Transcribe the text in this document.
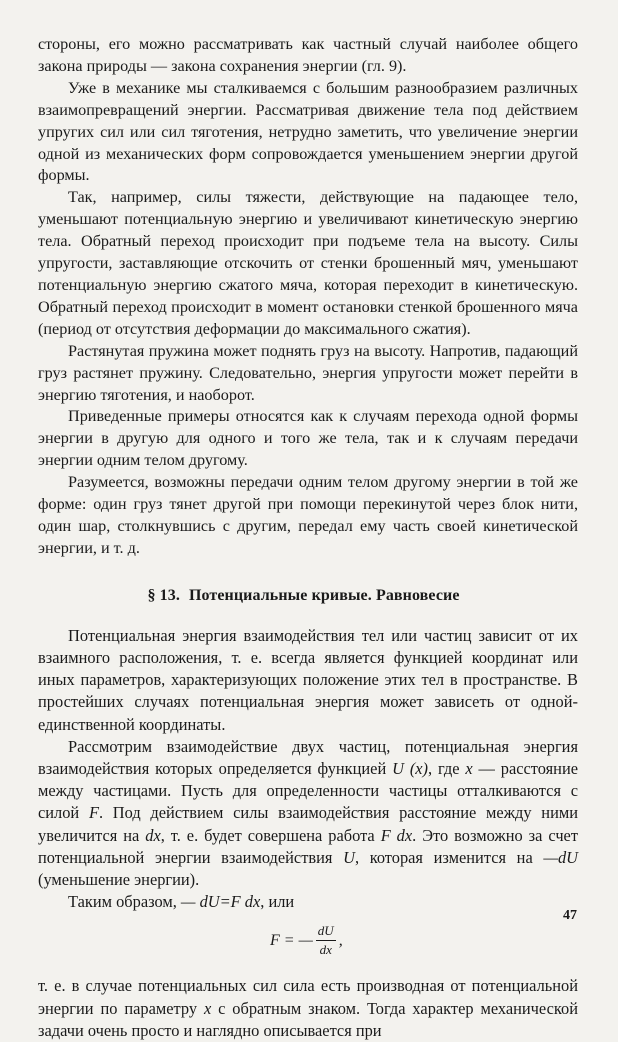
стороны, его можно рассматривать как частный случай наиболее общего закона природы — закона сохранения энергии (гл. 9).

Уже в механике мы сталкиваемся с большим разнообразием различных взаимопревращений энергии. Рассматривая движение тела под действием упругих сил или сил тяготения, нетрудно заметить, что увеличение энергии одной из механических форм сопровождается уменьшением энергии другой формы.

Так, например, силы тяжести, действующие на падающее тело, уменьшают потенциальную энергию и увеличивают кинетическую энергию тела. Обратный переход происходит при подъеме тела на высоту. Силы упругости, заставляющие отскочить от стенки брошенный мяч, уменьшают потенциальную энергию сжатого мяча, которая переходит в кинетическую. Обратный переход происходит в момент остановки стенкой брошенного мяча (период от отсутствия деформации до максимального сжатия).

Растянутая пружина может поднять груз на высоту. Напротив, падающий груз растянет пружину. Следовательно, энергия упругости может перейти в энергию тяготения, и наоборот.

Приведенные примеры относятся как к случаям перехода одной формы энергии в другую для одного и того же тела, так и к случаям передачи энергии одним телом другому.

Разумеется, возможны передачи одним телом другому энергии в той же форме: один груз тянет другой при помощи перекинутой через блок нити, один шар, столкнувшись с другим, передал ему часть своей кинетической энергии, и т. д.

§ 13. Потенциальные кривые. Равновесие

Потенциальная энергия взаимодействия тел или частиц зависит от их взаимного расположения, т. е. всегда является функцией координат или иных параметров, характеризующих положение этих тел в пространстве. В простейших случаях потенциальная энергия может зависеть от одной-единственной координаты.

Рассмотрим взаимодействие двух частиц, потенциальная энергия взаимодействия которых определяется функцией U (x), где x — расстояние между частицами. Пусть для определенности частицы отталкиваются с силой F. Под действием силы взаимодействия расстояние между ними увеличится на dx, т. е. будет совершена работа F dx. Это возможно за счет потенциальной энергии взаимодействия U, которая изменится на —dU (уменьшение энергии).

Таким образом, — dU=F dx, или

F = — $\frac{dU}{dx}$ ,

т. е. в случае потенциальных сил сила есть производная от потенциальной энергии по параметру x с обратным знаком. Тогда характер механической задачи очень просто и наглядно описывается при

47
